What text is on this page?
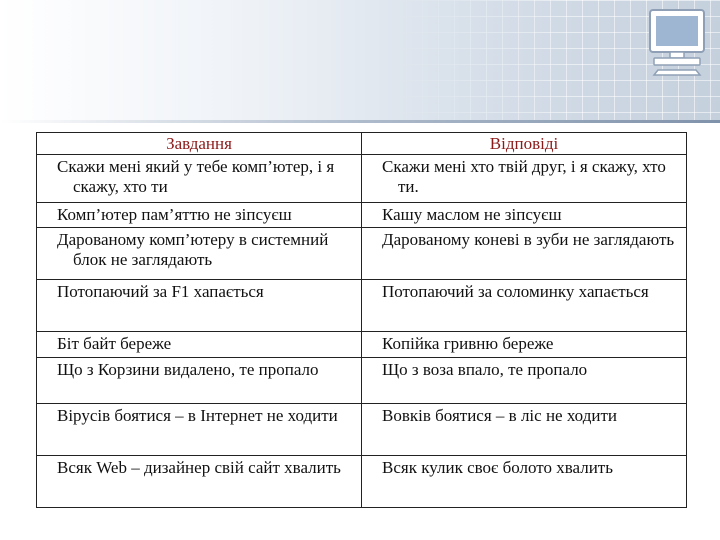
Завдання	Відповіді

Скажи мені який у тебе комп’ютер, і я скажу, хто ти	Скажи мені хто твій друг, і я скажу, хто ти.

Комп’ютер пам’яттю не зіпсуєш	Кашу маслом не зіпсуєш

Дарованому комп’ютеру в системний блок не заглядають	Дарованому коневі в зуби не заглядають

Потопаючий за F1 хапається	Потопаючий за соломинку хапається

Біт байт береже	Копійка гривню береже

Що з Корзини видалено, те пропало	Що з воза впало, те пропало

Вірусів боятися – в Інтернет не ходити	Вовків боятися – в ліс не ходити

Всяк Web – дизайнер свій сайт хвалить	Всяк кулик своє болото хвалить
